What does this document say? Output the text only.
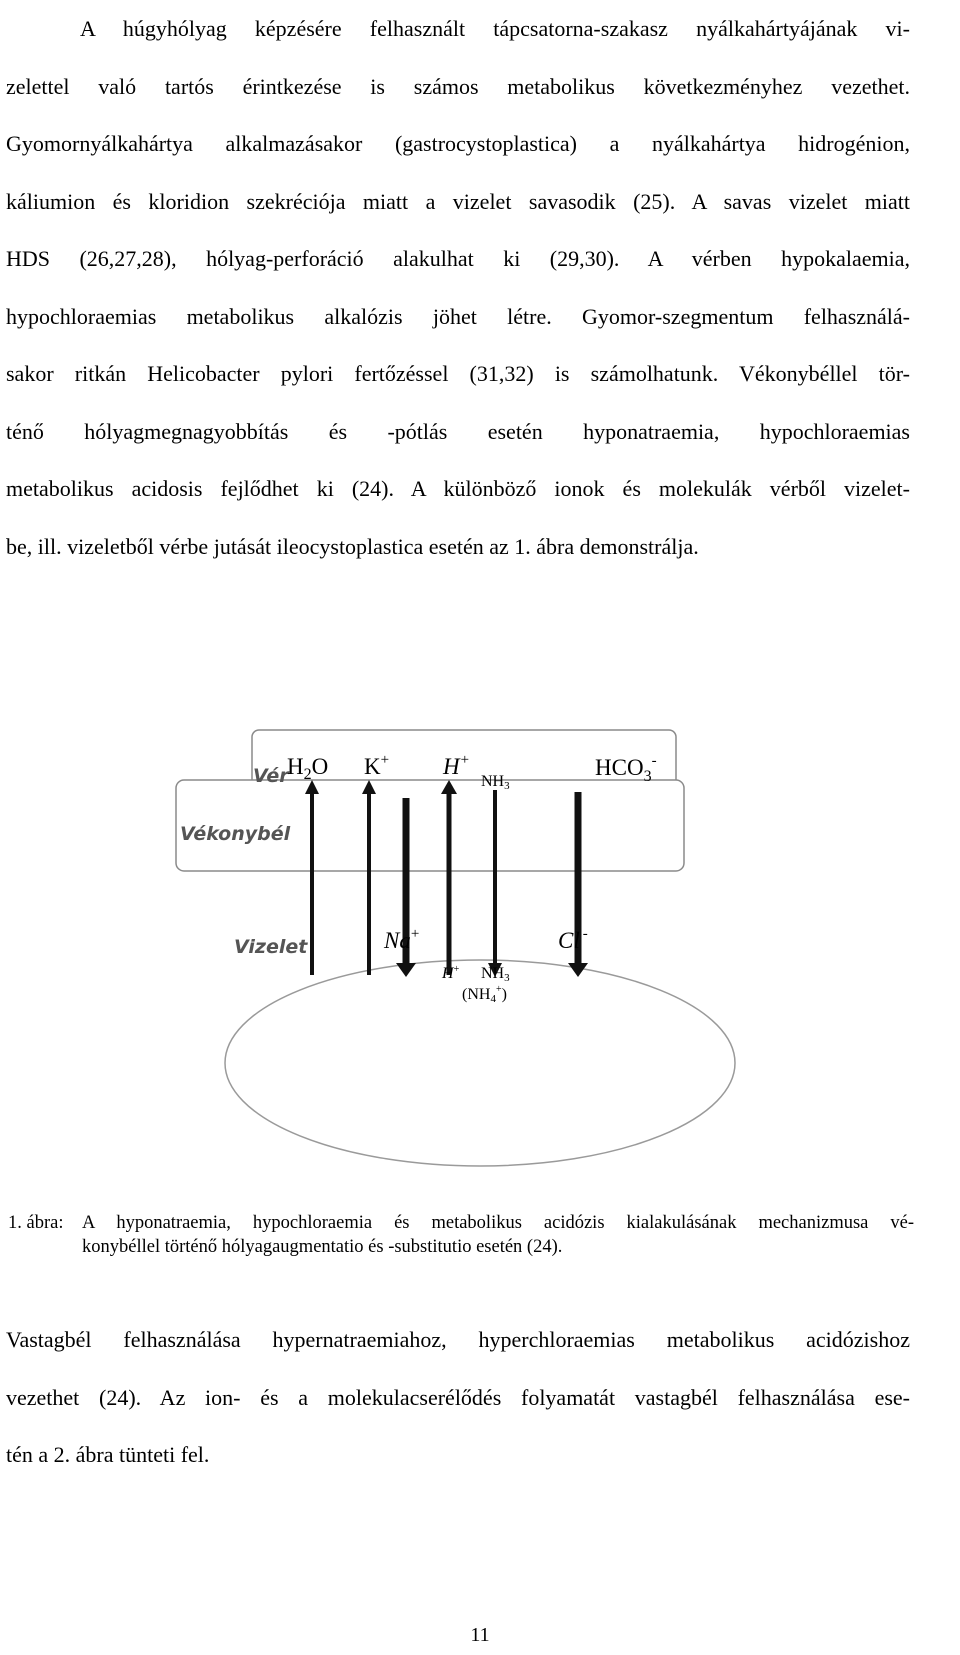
A húgyhólyag képzésére felhasznált tápcsatorna-szakasz nyálkahártyájának vi-
zelettel való tartós érintkezése is számos metabolikus következményhez vezethet.
Gyomornyálkahártya alkalmazásakor (gastrocystoplastica) a nyálkahártya hidrogénion,
káliumion és kloridion szekréciója miatt a vizelet savasodik (25). A savas vizelet miatt
HDS (26,27,28), hólyag-perforáció alakulhat ki (29,30). A vérben hypokalaemia,
hypochloraemias metabolikus alkalózis jöhet létre. Gyomor-szegmentum felhasználá-
sakor ritkán Helicobacter pylori fertőzéssel (31,32) is számolhatunk. Vékonybéllel tör-
ténő hólyagmegnagyobbítás és -pótlás esetén hyponatraemia, hypochloraemias
metabolikus acidosis fejlődhet ki (24). A különböző ionok és molekulák vérből vizelet-
be, ill. vizeletből vérbe jutását ileocystoplastica esetén az 1. ábra demonstrálja.

Vér
Vékonybél
Vizelet
$H_2O$ K+ H+
NH3
$HCO_3^-$
Na+	Cl -
H+ NH3
(NH4+)
1. ábra:	A hyponatraemia, hypochloraemia és metabolikus acidózis kialakulásának mechanizmusa vé-
konybéllel történő hólyagaugmentatio és -substitutio esetén (24).

Vastagbél felhasználása hypernatraemiahoz, hyperchloraemias metabolikus acidózishoz
vezethet (24). Az ion- és a molekulacserélődés folyamatát vastagbél felhasználása ese-
tén a 2. ábra tünteti fel.

11
